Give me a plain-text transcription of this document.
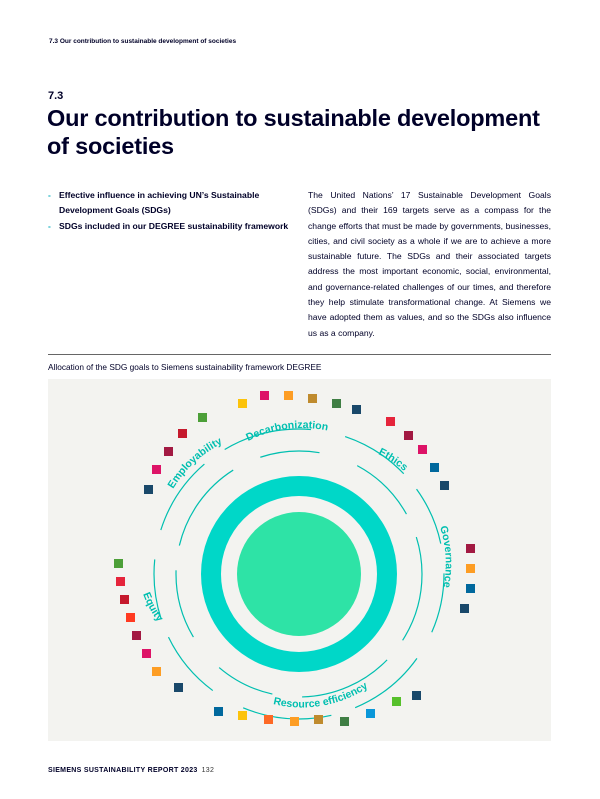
7.3 Our contribution to sustainable development of societies
7.3
Our contribution to sustainable development of societies
- Effective influence in achieving UN’s Sustainable Development Goals (SDGs)
- SDGs included in our DEGREE sustainability framework

The United Nations’ 17 Sustainable Development Goals (SDGs) and their 169 targets serve as a compass for the change efforts that must be made by governments, businesses, cities, and civil society as a whole if we are to achieve a more sustainable future. The SDGs and their associated targets address the most important economic, social, environmental, and governance-related challenges of our times, and therefore they help stimulate transformational change. At Siemens we have adopted them as values, and so the SDGs also influence us as a company.

Allocation of the SDG goals to Siemens sustainability framework DEGREE
Decarbonization
Ethics
Governance
Resource efficiency
Equity
Employability
SIEMENS SUSTAINABILITY REPORT 2023 132
